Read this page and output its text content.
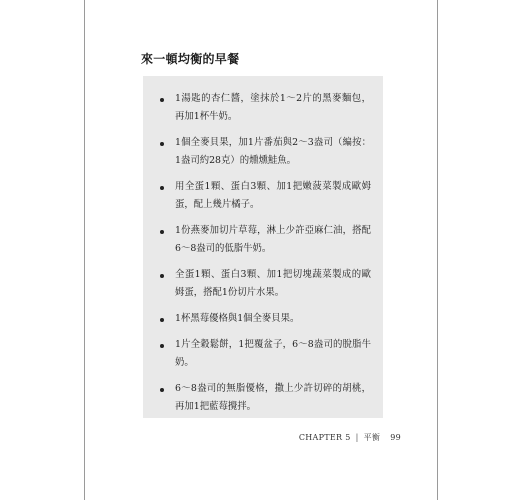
來一頓均衡的早餐
1湯匙的杏仁醬，塗抹於1～2片的黑麥麵包，再加1杯牛奶。
1個全麥貝果，加1片番茄與2～3盎司（編按：1盎司約28克）的燻燻鮭魚。
用全蛋1顆、蛋白3顆、加1把嫩菠菜製成歐姆蛋，配上幾片橘子。
1份燕麥加切片草莓，淋上少許亞麻仁油，搭配6～8盎司的低脂牛奶。
全蛋1顆、蛋白3顆、加1把切塊蔬菜製成的歐姆蛋，搭配1份切片水果。
1杯黑莓優格與1個全麥貝果。
1片全穀鬆餅，1把覆盆子，6～8盎司的脫脂牛奶。
6～8盎司的無脂優格，撒上少許切碎的胡桃，再加1把藍莓攪拌。
CHAPTER 5 | 平衡 99
